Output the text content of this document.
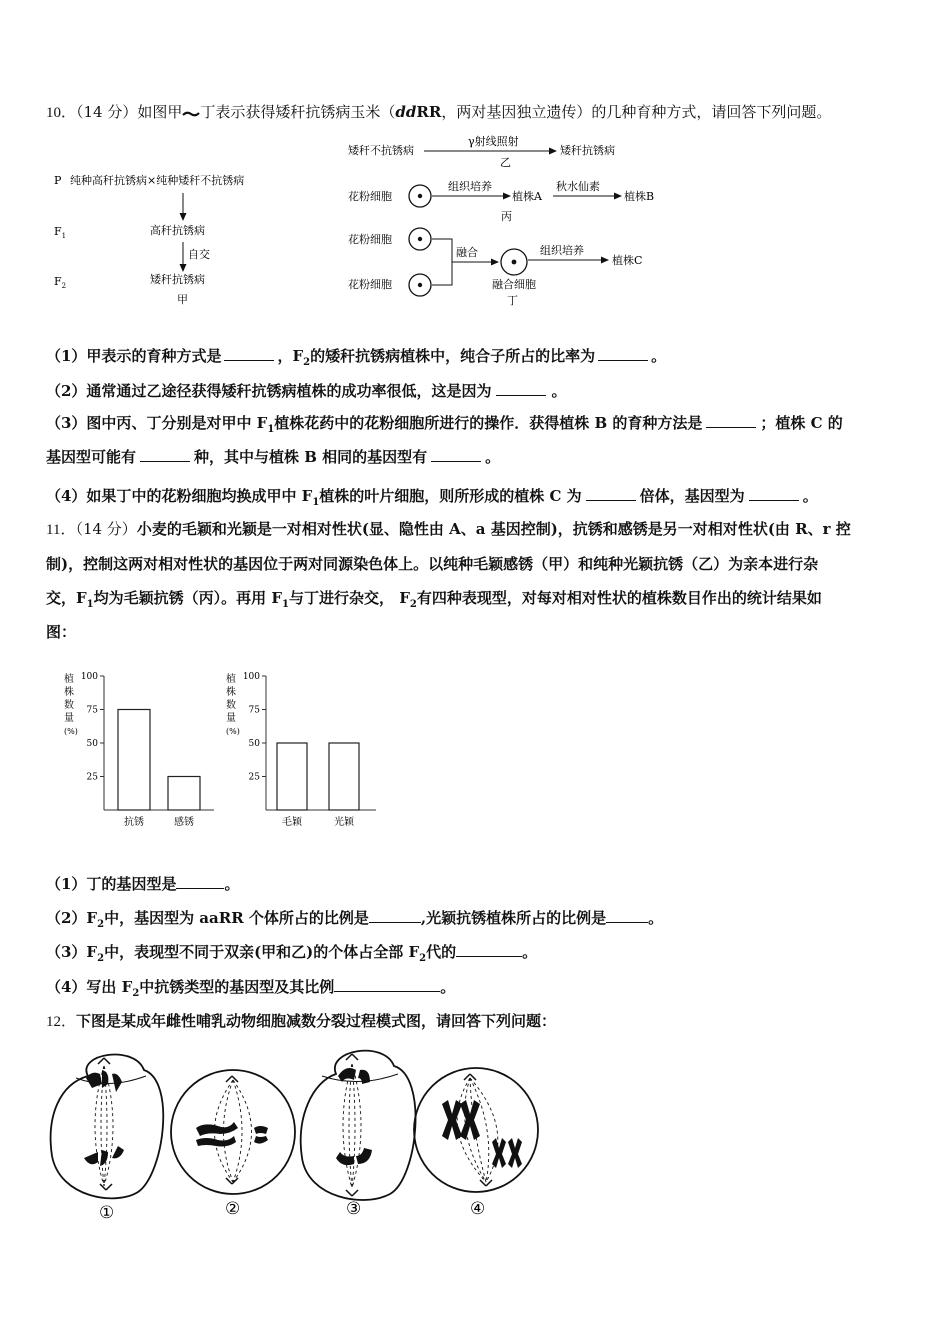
10．（14 分）如图甲 丁表示获得矮秆抗锈病玉米（ddRR，两对基因独立遗传）的几种育种方式，请回答下列问题。
P 纯种高秆抗锈病×纯种矮秆不抗锈病
$F_1$	高秆抗锈病
自交
$F_2$	矮秆抗锈病
甲
矮秆不抗锈病
γ射线照射
乙
矮秆抗锈病
花粉细胞
组织培养
植株A
秋水仙素
植株B
丙
花粉细胞
花粉细胞
融合	组织培养
植株C
融合细胞
丁
（1）甲表示的育种方式是	，$F_2$的矮秆抗锈病植株中，纯合子所占的比率为	。
（2）通常通过乙途径获得矮秆抗锈病植株的成功率很低，这是因为	。
（3）图中丙、丁分别是对甲中 $F_1$植株花药中的花粉细胞所进行的操作．获得植株 B 的育种方法是	；植株 C 的
基因型可能有	种，其中与植株 B 相同的基因型有	。
（4）如果丁中的花粉细胞均换成甲中 $F_1$植株的叶片细胞，则所形成的植株 C 为	倍体，基因型为	。
11．（14 分）小麦的毛颖和光颖是一对相对性状(显、隐性由 A、a 基因控制)，抗锈和感锈是另一对相对性状(由 R、r 控
制)，控制这两对相对性状的基因位于两对同源染色体上。以纯种毛颖感锈（甲）和纯种光颖抗锈（乙）为亲本进行杂
交，$F_1$均为毛颖抗锈（丙）。再用 $F_1$与丁进行杂交， $F_2$有四种表现型，对每对相对性状的植株数目作出的统计结果如
图：
植
株
数
量
(%)
100
75
50
25
抗锈	感锈
植
株
数
量
(%)
100
75
50
25
毛颖	光颖
（1）丁的基因型是	。
$(2)F_2$中，基因型为 aaRR 个体所占的比例是	,光颖抗锈植株所占的比例是	。
$(3)F_2$中，表现型不同于双亲(甲和乙)的个体占全部 $F_2$代的	。
（4）写出 $F_2$中抗锈类型的基因型及其比例	。
12．下图是某成年雌性哺乳动物细胞减数分裂过程模式图，请回答下列问题：
①	②	③	④
